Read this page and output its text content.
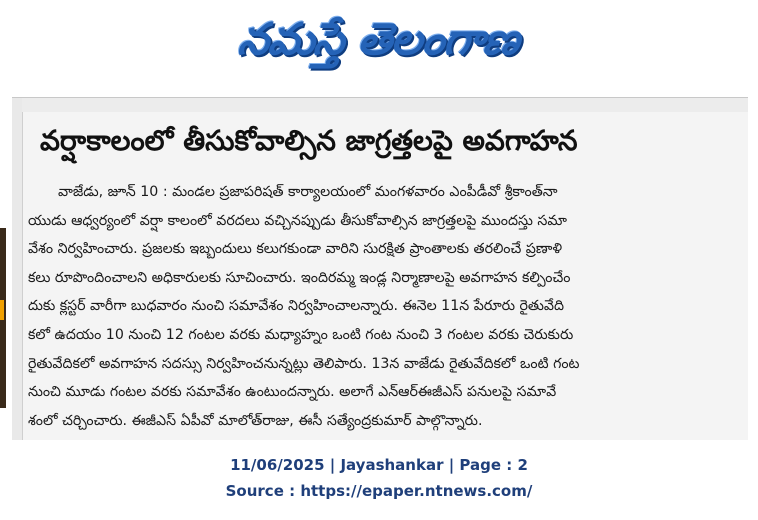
నమస్తే తెలంగాణ
వర్షాకాలంలో తీసుకోవాల్సిన జాగ్రత్తలపై అవగాహన
వాజేడు, జూన్ 10 : మండల ప్రజాపరిషత్ కార్యాలయంలో మంగళవారం ఎంపీడీవో శ్రీకాంత్‌నా
యుడు ఆధ్వర్యంలో వర్షా కాలంలో వరదలు వచ్చినప్పుడు తీసుకోవాల్సిన జాగ్రత్తలపై ముందస్తు సమా
వేశం నిర్వహించారు. ప్రజలకు ఇబ్బందులు కలుగకుండా వారిని సురక్షిత ప్రాంతాలకు తరలించే ప్రణాళి
కలు రూపొందించాలని అధికారులకు సూచించారు. ఇందిరమ్మ ఇండ్ల నిర్మాణాలపై అవగాహన కల్పించేం
దుకు క్లస్టర్ వారీగా బుధవారం నుంచి సమావేశం నిర్వహించాలన్నారు. ఈనెల 11న పేరూరు రైతువేది
కలో ఉదయం 10 నుంచి 12 గంటల వరకు మధ్యాహ్నం ఒంటి గంట నుంచి 3 గంటల వరకు చెరుకురు
రైతువేదికలో అవగాహన సదస్సు నిర్వహించనున్నట్లు తెలిపారు. 13న వాజేడు రైతువేదికలో ఒంటి గంట
నుంచి మూడు గంటల వరకు సమావేశం ఉంటుందన్నారు. అలాగే ఎన్ఆర్ఈజీఎస్ పనులపై సమావే
శంలో చర్చించారు. ఈజీఎస్ ఏపీవో మాలోత్‌రాజు, ఈసీ సత్యేంద్రకుమార్ పాల్గొన్నారు.
11/06/2025 | Jayashankar | Page : 2
Source : https://epaper.ntnews.com/
